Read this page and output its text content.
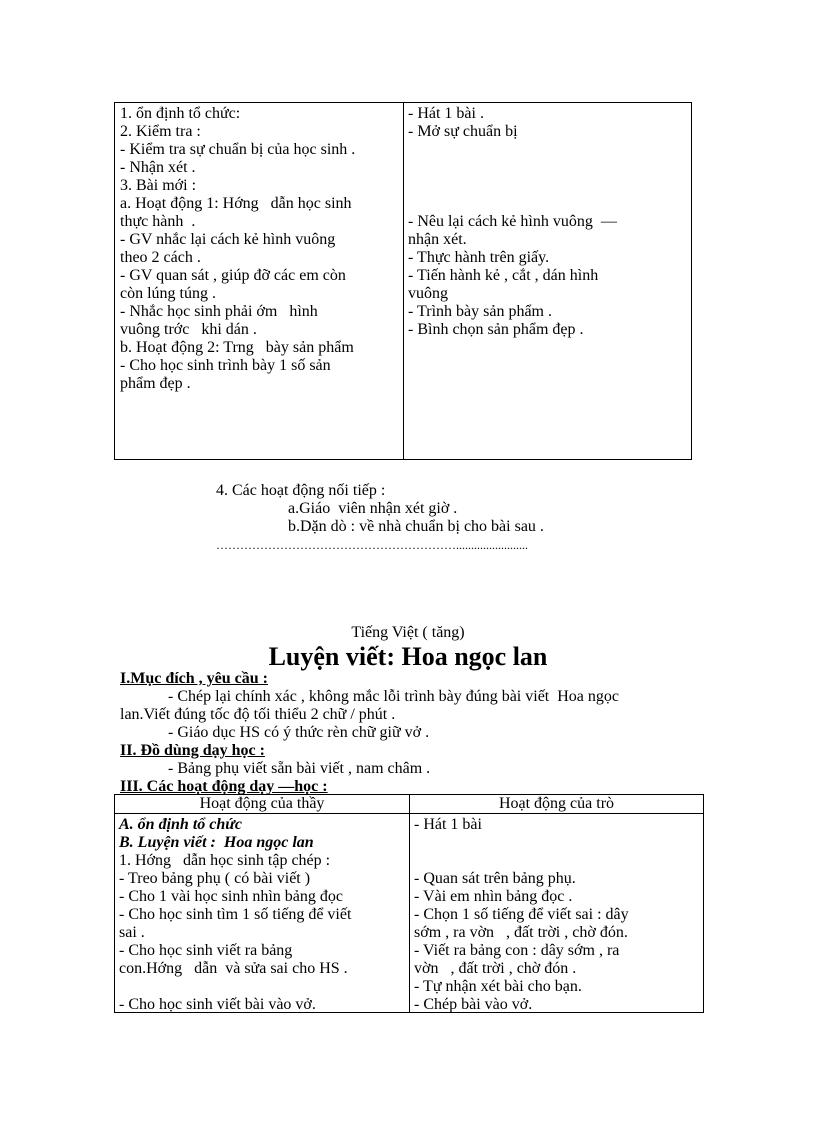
1. ổn định tổ chức:
2. Kiểm tra :
- Kiểm tra sự chuẩn bị của học sinh .
- Nhận xét .
3. Bài mới :
a. Hoạt động 1: Hớng   dẫn học sinh
thực hành  .
- GV nhắc lại cách kẻ hình vuông
theo 2 cách .
- GV quan sát , giúp đỡ các em còn
còn lúng túng .
- Nhắc học sinh phải ớm   hình
vuông trớc   khi dán .
b. Hoạt động 2: Trng   bày sản phẩm
- Cho học sinh trình bày 1 số sản
phẩm đẹp .
- Hát 1 bài .
- Mở sự chuẩn bị
- Nêu lại cách kẻ hình vuông  —
nhận xét.
- Thực hành trên giấy.
- Tiến hành kẻ , cắt , dán hình
vuông
- Trình bày sản phẩm .
- Bình chọn sản phẩm đẹp .
4. Các hoạt động nối tiếp :
a.Giáo  viên nhận xét giờ .
b.Dặn dò : về nhà chuẩn bị cho bài sau .
……………………………………………………........................
Tiếng Việt ( tăng)
Luyện viết: Hoa ngọc lan
I.Mục đích , yêu cầu :
- Chép lại chính xác , không mắc lỗi trình bày đúng bài viết  Hoa ngọc
lan.Viết đúng tốc độ tối thiểu 2 chữ / phút .
- Giáo dục HS có ý thức rèn chữ giữ vở .
II. Đồ dùng dạy học :
- Bảng phụ viết sẵn bài viết , nam châm .
III. Các hoạt động dạy —học :
Hoạt động của thầy	Hoạt động của trò
A. ổn định tổ chức
B. Luyện viết :  Hoa ngọc lan
1. Hớng   dẫn học sinh tập chép :
- Treo bảng phụ ( có bài viết )
- Cho 1 vài học sinh nhìn bảng đọc
- Cho học sinh tìm 1 số tiếng để viết
sai .
- Cho học sinh viết ra bảng
con.Hớng   dẫn  và sửa sai cho HS .
- Cho học sinh viết bài vào vở.
- Hát 1 bài
- Quan sát trên bảng phụ.
- Vài em nhìn bảng đọc .
- Chọn 1 số tiếng để viết sai : dây
sớm , ra vờn   , đất trời , chờ đón.
- Viết ra bảng con : dây sớm , ra
vờn   , đất trời , chờ đón .
- Tự nhận xét bài cho bạn.
- Chép bài vào vở.
